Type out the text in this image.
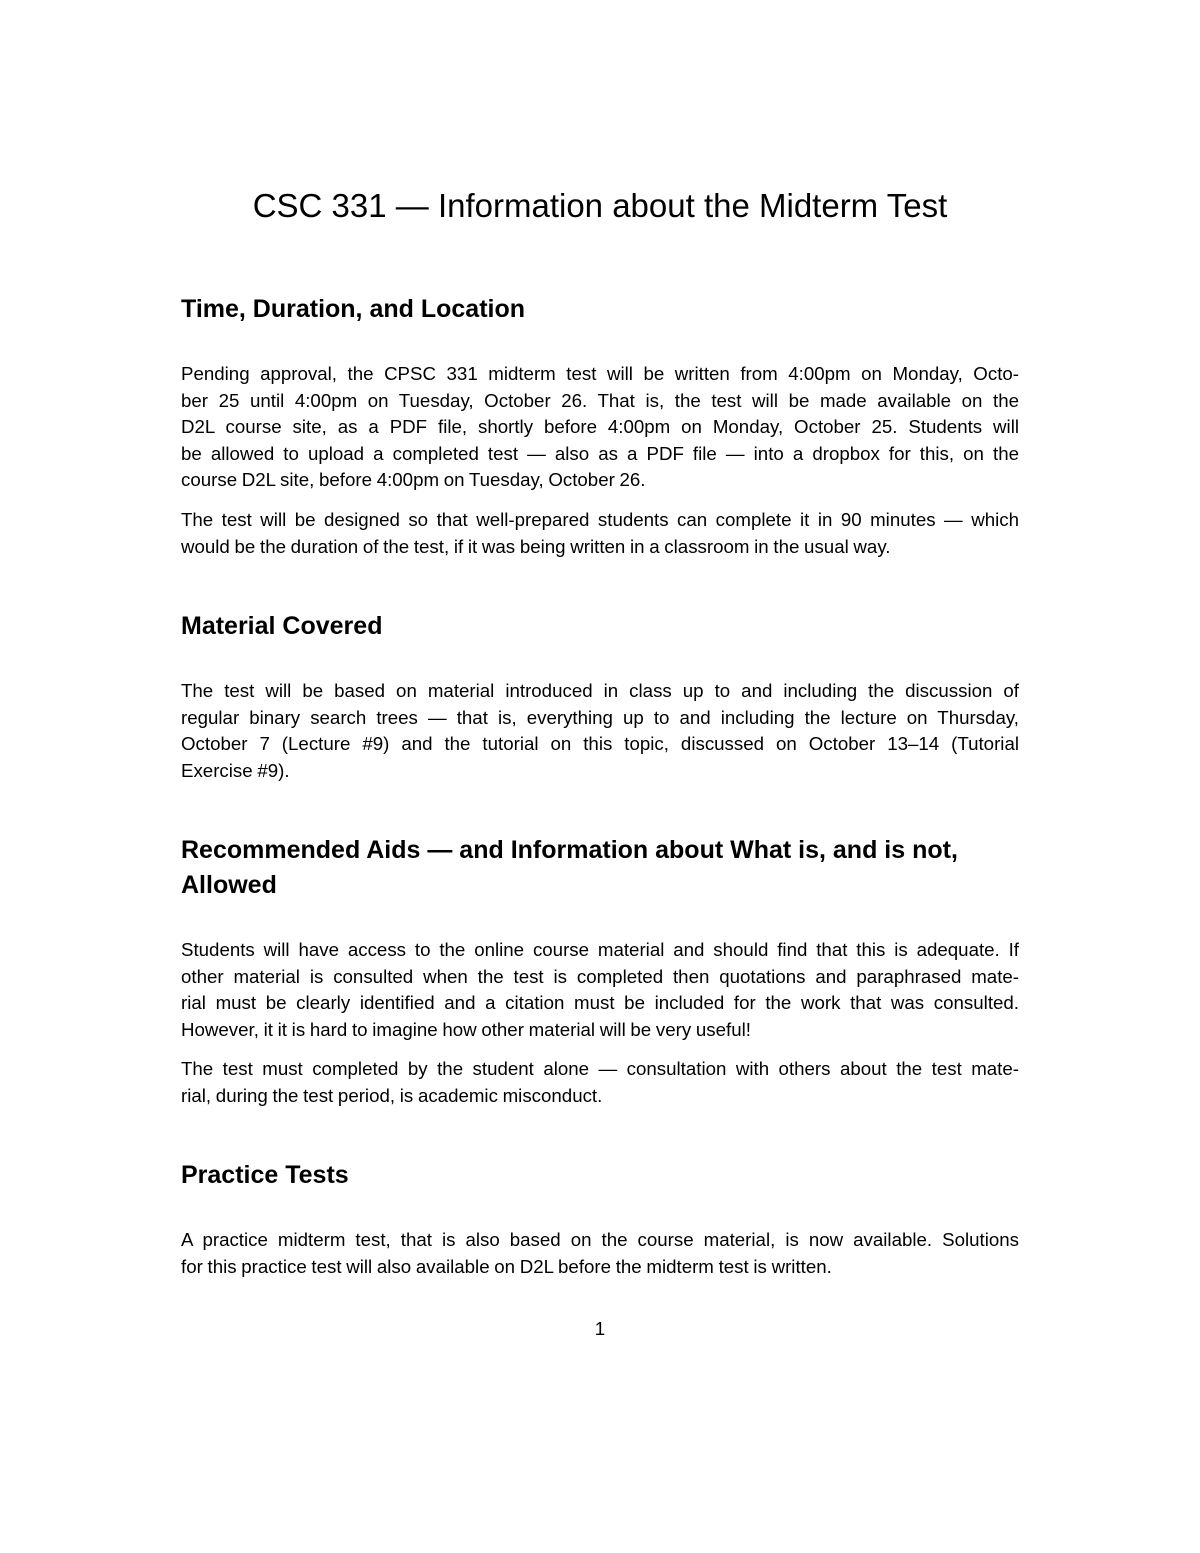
CSC 331 — Information about the Midterm Test
Time, Duration, and Location
Pending approval, the CPSC 331 midterm test will be written from 4:00pm on Monday, Octo-
ber 25 until 4:00pm on Tuesday, October 26. That is, the test will be made available on the
D2L course site, as a PDF file, shortly before 4:00pm on Monday, October 25. Students will
be allowed to upload a completed test — also as a PDF file — into a dropbox for this, on the
course D2L site, before 4:00pm on Tuesday, October 26.
The test will be designed so that well-prepared students can complete it in 90 minutes — which
would be the duration of the test, if it was being written in a classroom in the usual way.
Material Covered
The test will be based on material introduced in class up to and including the discussion of
regular binary search trees — that is, everything up to and including the lecture on Thursday,
October 7 (Lecture #9) and the tutorial on this topic, discussed on October 13–14 (Tutorial
Exercise #9).
Recommended Aids — and Information about What is, and is not,
Allowed
Students will have access to the online course material and should find that this is adequate. If
other material is consulted when the test is completed then quotations and paraphrased mate-
rial must be clearly identified and a citation must be included for the work that was consulted.
However, it it is hard to imagine how other material will be very useful!
The test must completed by the student alone — consultation with others about the test mate-
rial, during the test period, is academic misconduct.
Practice Tests
A practice midterm test, that is also based on the course material, is now available. Solutions
for this practice test will also available on D2L before the midterm test is written.
1
